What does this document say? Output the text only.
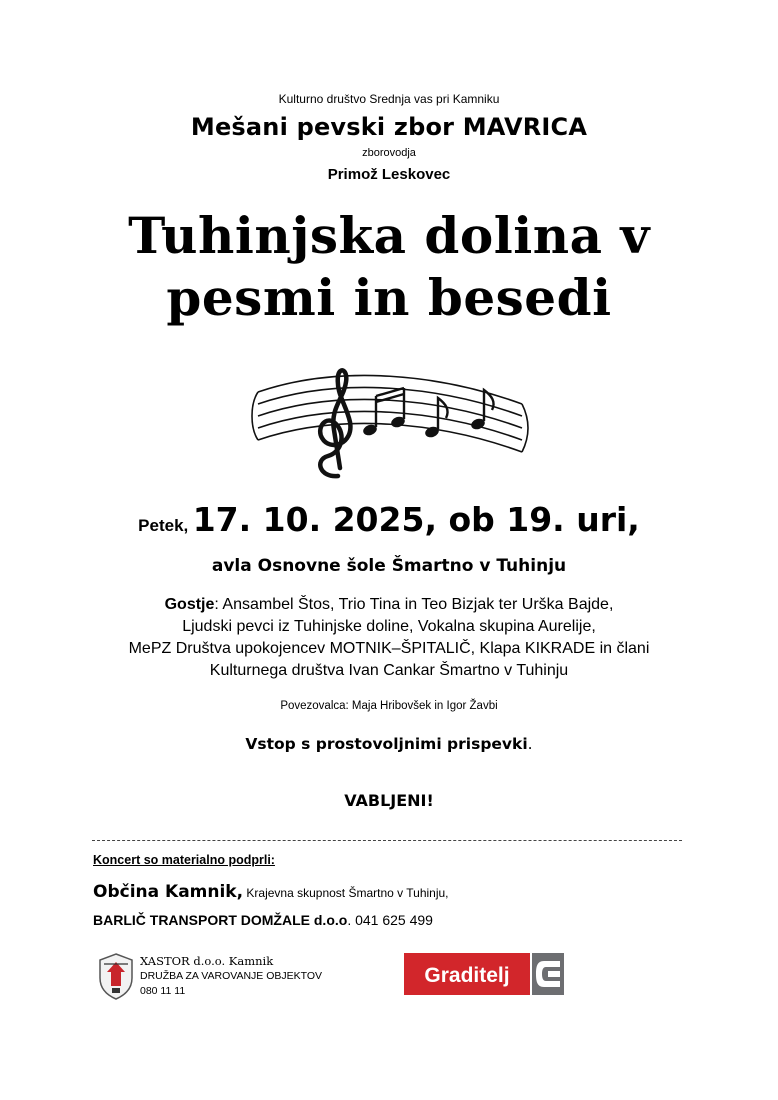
Kulturno društvo Srednja vas pri Kamniku
Mešani pevski zbor MAVRICA
zborovodja
Primož Leskovec
Tuhinjska dolina v
pesmi in besedi
Petek, 17. 10. 2025, ob 19. uri,
avla Osnovne šole Šmartno v Tuhinju
Gostje: Ansambel Štos, Trio Tina in Teo Bizjak ter Urška Bajde,
Ljudski pevci iz Tuhinjske doline, Vokalna skupina Aurelije,
MePZ Društva upokojencev MOTNIK–ŠPITALIČ, Klapa KIKRADE in člani
Kulturnega društva Ivan Cankar Šmartno v Tuhinju
Povezovalca: Maja Hribovšek in Igor Žavbi
Vstop s prostovoljnimi prispevki.
VABLJENI!
Koncert so materialno podprli:
Občina Kamnik, Krajevna skupnost Šmartno v Tuhinju,
BARLIČ TRANSPORT DOMŽALE d.o.o. 041 625 499
XASTOR d.o.o. Kamnik
DRUŽBA ZA VAROVANJE OBJEKTOV
080 11 11
Graditelj
